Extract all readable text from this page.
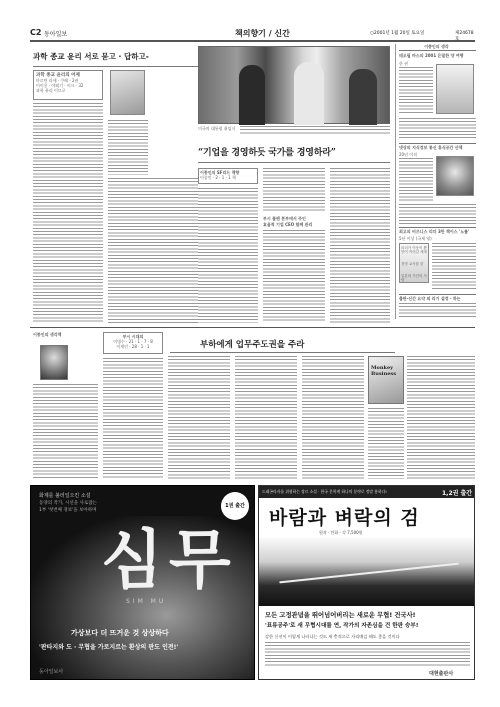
C2 동아일보	책의향기 / 신간	○2001년 1월 20일 토요일	제24678
과학 종교 윤리 서로 묻고 · 답하고-
과학 종교 윤리의 어제
마르틴 라세 · 쿠레 · 2권
이이옹 · 야외기 · 이크 · 32
과학 윤리 이므로
미국의 대통령 취임식
“기업을 경영하듯 국가를 경영하라”
이종인의 SF리드 책향
이종인 · 2 · 1 · 1 책
부시 플랜 본부에서 주인
효율적 기업 CEO 함께 관리
이종인의 생각
테오필 마스의 2001 은밀한 양 여행
한 권
넷상의 지식정보 통신 휴식공간 산책
20년 이적
최고의 비즈니스 리더 3만 책이스 '노를'
5년 이상 (국제 영)
리더가 이웃이 뿐만이 이어갈 세계
경영 교사를 한
일본의 기간의 사람
출판·신간 요약 외 리기 설정 · 하는
이종인의 생각책	부시 시대의
이명수 · 21 · 1 · 7 · 8
이재인 · 28 · 1 · 1	부하에게 업무주도권을 주라
Monkey Business
화제를 불러일으킨 소설
동양의 작가, 시선을 사로잡는
1부 '첫번째 경보'을 보아하며
1권 출간
심무
SIM MU
가상보다 더 뜨거운 것 상상하다
'판타지와 도 · 무협을 가로지르는 환상의 판도 인전!'
동아일보사
드래곤라자를 위협하는 장르 소설 · 한국 문학계 하나의 분야로 정말 흥하다!	1,2권 출간
바람과 벼락의 검
원작 · 만화 · 각 7,500원
모든 고정관념을 뛰어넘어버리는 새로운 무협! 건국사!
'표류공주'로 새 무협시대를 연, 작가의 자존심을 건 한판 승부!
강한 신선이 이렇게 나타나는 것도 새 충격으로 자리매김 해도 좋을 것이다
대현출판사
